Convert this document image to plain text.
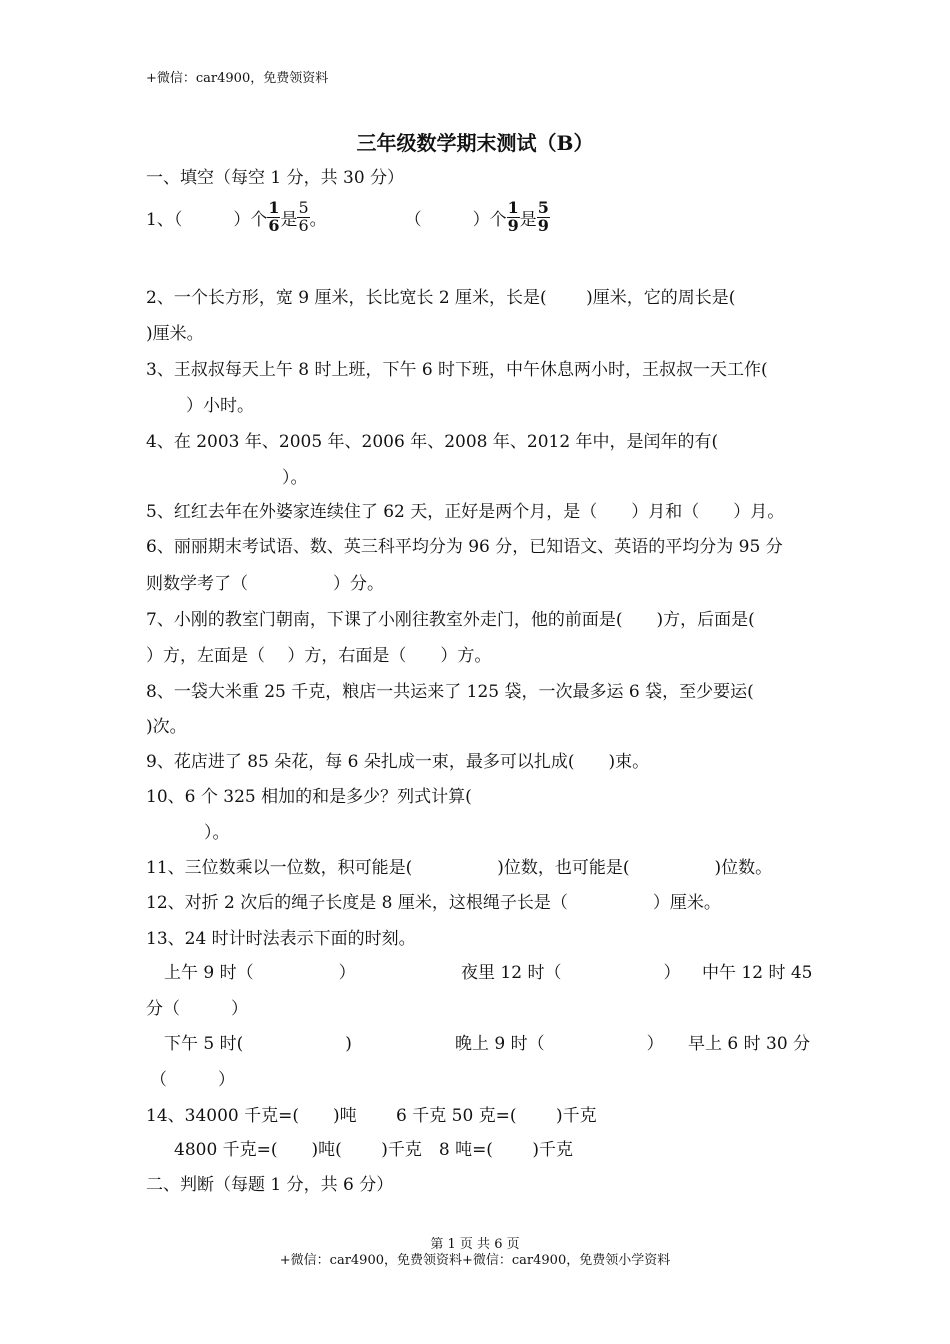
+微信：car4900，免费领资料
三年级数学期末测试（B）
一、填空（每空 1 分，共 30 分）
1、（　　　）个 $\frac{1}{6}$ 是 $\frac{5}{6}$ 。	（　　　）个 $\frac{1}{9}$ 是 $\frac{5}{9}$
2、一个长方形，宽 9 厘米，长比宽长 2 厘米，长是(　　 )厘米，它的周长是(
)厘米。
3、王叔叔每天上午 8 时上班，下午 6 时下班，中午休息两小时，王叔叔一天工作(
）小时。
4、在 2003 年、2005 年、2006 年、2008 年、2012 年中，是闰年的有(
）。
5、红红去年在外婆家连续住了 62 天，正好是两个月，是（　　）月和（　　）月。
6、丽丽期末考试语、数、英三科平均分为 96 分，已知语文、英语的平均分为 95 分
则数学考了（　　　　　）分。
7、小刚的教室门朝南，下课了小刚往教室外走门，他的前面是(　　)方，后面是(
）方，左面是（　 ）方，右面是（　　）方。
8、一袋大米重 25 千克，粮店一共运来了 125 袋，一次最多运 6 袋，至少要运(
)次。
9、花店进了 85 朵花，每 6 朵扎成一束，最多可以扎成(　　)束。
10、6 个 325 相加的和是多少？列式计算(
）。
11、三位数乘以一位数，积可能是(　　　　　)位数，也可能是(　　　　　)位数。
12、对折 2 次后的绳子长度是 8 厘米，这根绳子长是（　　　　　）厘米。
13、24 时计时法表示下面的时刻。
上午 9 时（　　　　　）	夜里 12 时（　　　　　　） 中午 12 时 45
分（　　　）
下午 5 时(　　　　　　)	晚上 9 时（　　　　　　） 早上 6 时 30 分
（　　　）
14、34000 千克=(　　)吨　　 6 千克 50 克=(　　 )千克
4800 千克=(　　)吨(　　 )千克　8 吨=(　　 )千克
二、判断（每题 1 分，共 6 分）
第 1 页 共 6 页
+微信：car4900，免费领资料+微信：car4900，免费领小学资料
